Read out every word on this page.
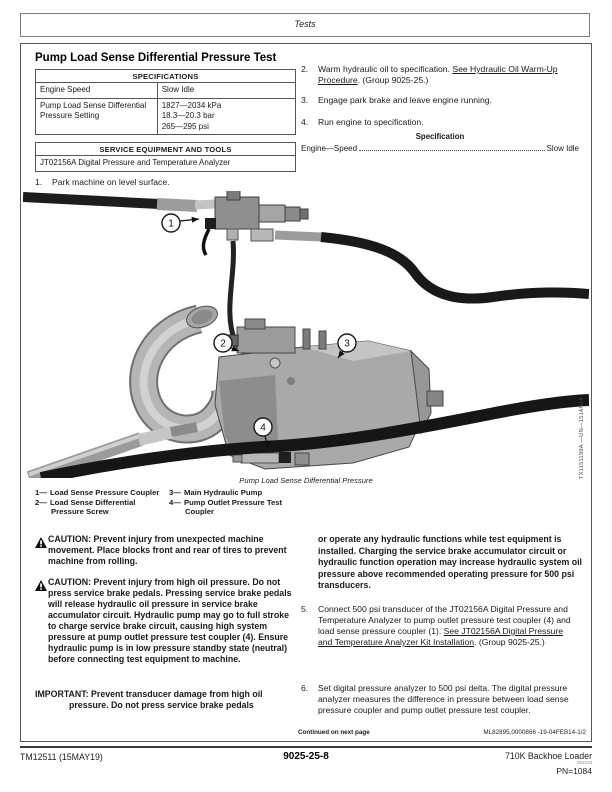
Tests
Pump Load Sense Differential Pressure Test
SPECIFICATIONS
Engine Speed	Slow Idle
Pump Load Sense Differential Pressure Setting
1827—2034 kPa
18.3—20.3 bar
265—295 psi
SERVICE EQUIPMENT AND TOOLS
JT02156A Digital Pressure and Temperature Analyzer
1.	Park machine on level surface.
2.	Warm hydraulic oil to specification. See Hydraulic Oil Warm-Up Procedure. (Group 9025-25.)
3.	Engage park brake and leave engine running.
4.	Run engine to specification.
Specification
Engine—Speed	Slow Idle
1
2	3
4	TX1151199A —UN—15JAN14
Pump Load Sense Differential Pressure
1— Load Sense Pressure Coupler
2— Load Sense Differential Pressure Screw
3— Main Hydraulic Pump
4— Pump Outlet Pressure Test Coupler
CAUTION: Prevent injury from unexpected machine movement. Place blocks front and rear of tires to prevent machine from rolling.
CAUTION: Prevent injury from high oil pressure. Do not press service brake pedals. Pressing service brake pedals will release hydraulic oil pressure in service brake accumulator circuit. Hydraulic pump may go to full stroke to charge service brake circuit, causing high system pressure at pump outlet pressure test coupler (4). Ensure hydraulic pump is in low pressure standby state (neutral) before connecting test equipment to machine.
IMPORTANT: Prevent transducer damage from high oil pressure. Do not press service brake pedals
or operate any hydraulic functions while test equipment is installed. Charging the service brake accumulator circuit or hydraulic function operation may increase hydraulic system oil pressure above recommended operating pressure for 500 psi transducers.
5.	Connect 500 psi transducer of the JT02156A Digital Pressure and Temperature Analyzer to pump outlet pressure test coupler (4) and load sense pressure coupler (1). See JT02156A Digital Pressure and Temperature Analyzer Kit Installation. (Group 9025-25.)
6.	Set digital pressure analyzer to 500 psi delta. The digital pressure analyzer measures the difference in pressure between load sense pressure coupler and pump outlet pressure test coupler.
Continued on next page	ML82895,0000866 -19-04FEB14-1/2
TM12511 (15MAY19)	9025-25-8	710K Backhoe Loader
051519
PN=1084
